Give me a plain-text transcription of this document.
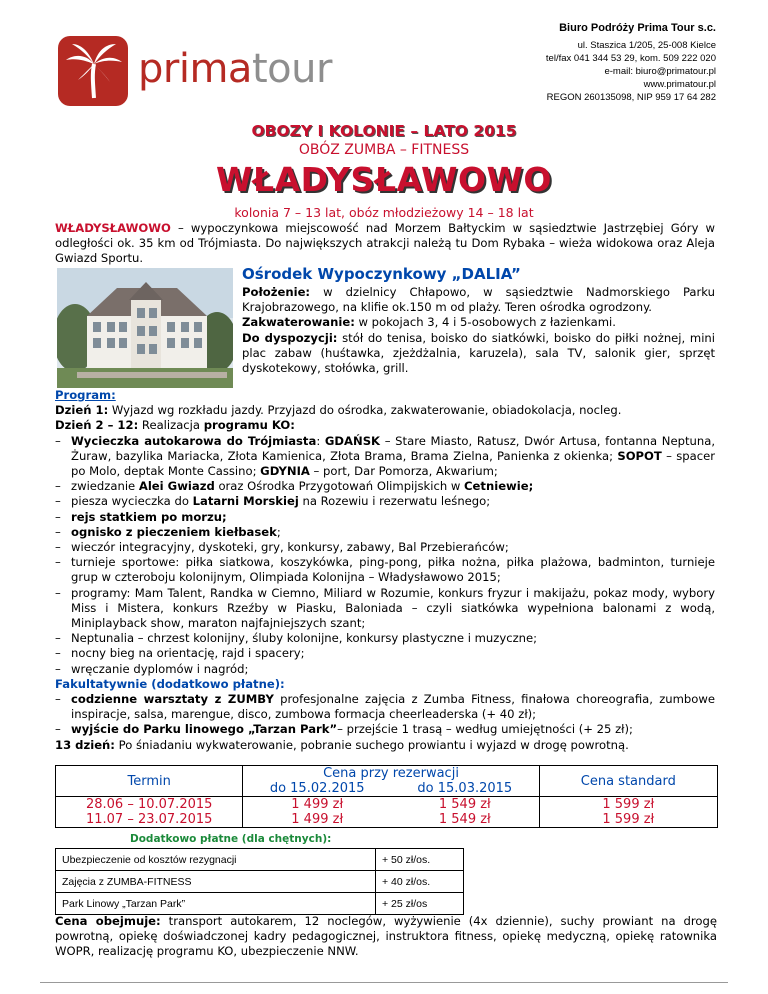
primatour
Biuro Podróży Prima Tour s.c.
ul. Staszica 1/205, 25-008 Kielce
tel/fax 041 344 53 29, kom. 509 222 020
e-mail: biuro@primatour.pl
www.primatour.pl
REGON 260135098, NIP 959 17 64 282
OBOZY I KOLONIE – LATO 2015
OBÓZ ZUMBA – FITNESS
WŁADYSŁAWOWO
kolonia 7 – 13 lat, obóz młodzieżowy 14 – 18 lat
WŁADYSŁAWOWO – wypoczynkowa miejscowość nad Morzem Bałtyckim w sąsiedztwie Jastrzębiej Góry w odległości ok. 35 km od Trójmiasta. Do największych atrakcji należą tu Dom Rybaka – wieża widokowa oraz Aleja Gwiazd Sportu.
Ośrodek Wypoczynkowy „DALIA”
Położenie: w dzielnicy Chłapowo, w sąsiedztwie Nadmorskiego Parku Krajobrazowego, na klifie ok.150 m od plaży. Teren ośrodka ogrodzony.
Zakwaterowanie: w pokojach 3, 4 i 5-osobowych z łazienkami.
Do dyspozycji: stół do tenisa, boisko do siatkówki, boisko do piłki nożnej, mini plac zabaw (huśtawka, zjeżdżalnia, karuzela), sala TV, salonik gier, sprzęt dyskotekowy, stołówka, grill.

Program:

Dzień 1: Wyjazd wg rozkładu jazdy. Przyjazd do ośrodka, zakwaterowanie, obiadokolacja, nocleg.

Dzień 2 – 12: Realizacja programu KO:

– Wycieczka autokarowa do Trójmiasta: GDAŃSK – Stare Miasto, Ratusz, Dwór Artusa, fontanna Neptuna, Żuraw, bazylika Mariacka, Złota Kamienica, Złota Brama, Brama Zielna, Panienka z okienka; SOPOT – spacer po Molo, deptak Monte Cassino; GDYNIA – port, Dar Pomorza, Akwarium;
– zwiedzanie Alei Gwiazd oraz Ośrodka Przygotowań Olimpijskich w Cetniewie;
– piesza wycieczka do Latarni Morskiej na Rozewiu i rezerwatu leśnego;
– rejs statkiem po morzu;
– ognisko z pieczeniem kiełbasek;
– wieczór integracyjny, dyskoteki, gry, konkursy, zabawy, Bal Przebierańców;
– turnieje sportowe: piłka siatkowa, koszykówka, ping-pong, piłka nożna, piłka plażowa, badminton, turnieje grup w czteroboju kolonijnym, Olimpiada Kolonijna – Władysławowo 2015;
– programy: Mam Talent, Randka w Ciemno, Miliard w Rozumie, konkurs fryzur i makijażu, pokaz mody, wybory Miss i Mistera, konkurs Rzeźby w Piasku, Baloniada – czyli siatkówka wypełniona balonami z wodą, Miniplayback show, maraton najfajniejszych szant;
– Neptunalia – chrzest kolonijny, śluby kolonijne, konkursy plastyczne i muzyczne;
– nocny bieg na orientację, rajd i spacery;
– wręczanie dyplomów i nagród;

Fakultatywnie (dodatkowo płatne):

– codzienne warsztaty z ZUMBY profesjonalne zajęcia z Zumba Fitness, finałowa choreografia, zumbowe inspiracje, salsa, marengue, disco, zumbowa formacja cheerleaderska (+ 40 zł);
– wyjście do Parku linowego „Tarzan Park”– przejście 1 trasą – według umiejętności (+ 25 zł);

13 dzień: Po śniadaniu wykwaterowanie, pobranie suchego prowiantu i wyjazd w drogę powrotną.

Termin	Cena przy rezerwacji		Cena standard
	do 15.02.2015	do 15.03.2015	
28.06 – 10.07.2015	1 499 zł	1 549 zł	1 599 zł
11.07 – 23.07.2015	1 499 zł	1 549 zł	1 599 zł
Dodatkowo płatne (dla chętnych):
Ubezpieczenie od kosztów rezygnacji	+ 50 zł/os.
Zajęcia z ZUMBA-FITNESS	+ 40 zł/os.
Park Linowy „Tarzan Park”	+ 25 zł/os
Cena obejmuje: transport autokarem, 12 noclegów, wyżywienie (4x dziennie), suchy prowiant na drogę powrotną, opiekę doświadczonej kadry pedagogicznej, instruktora fitness, opiekę medyczną, opiekę ratownika WOPR, realizację programu KO, ubezpieczenie NNW.
